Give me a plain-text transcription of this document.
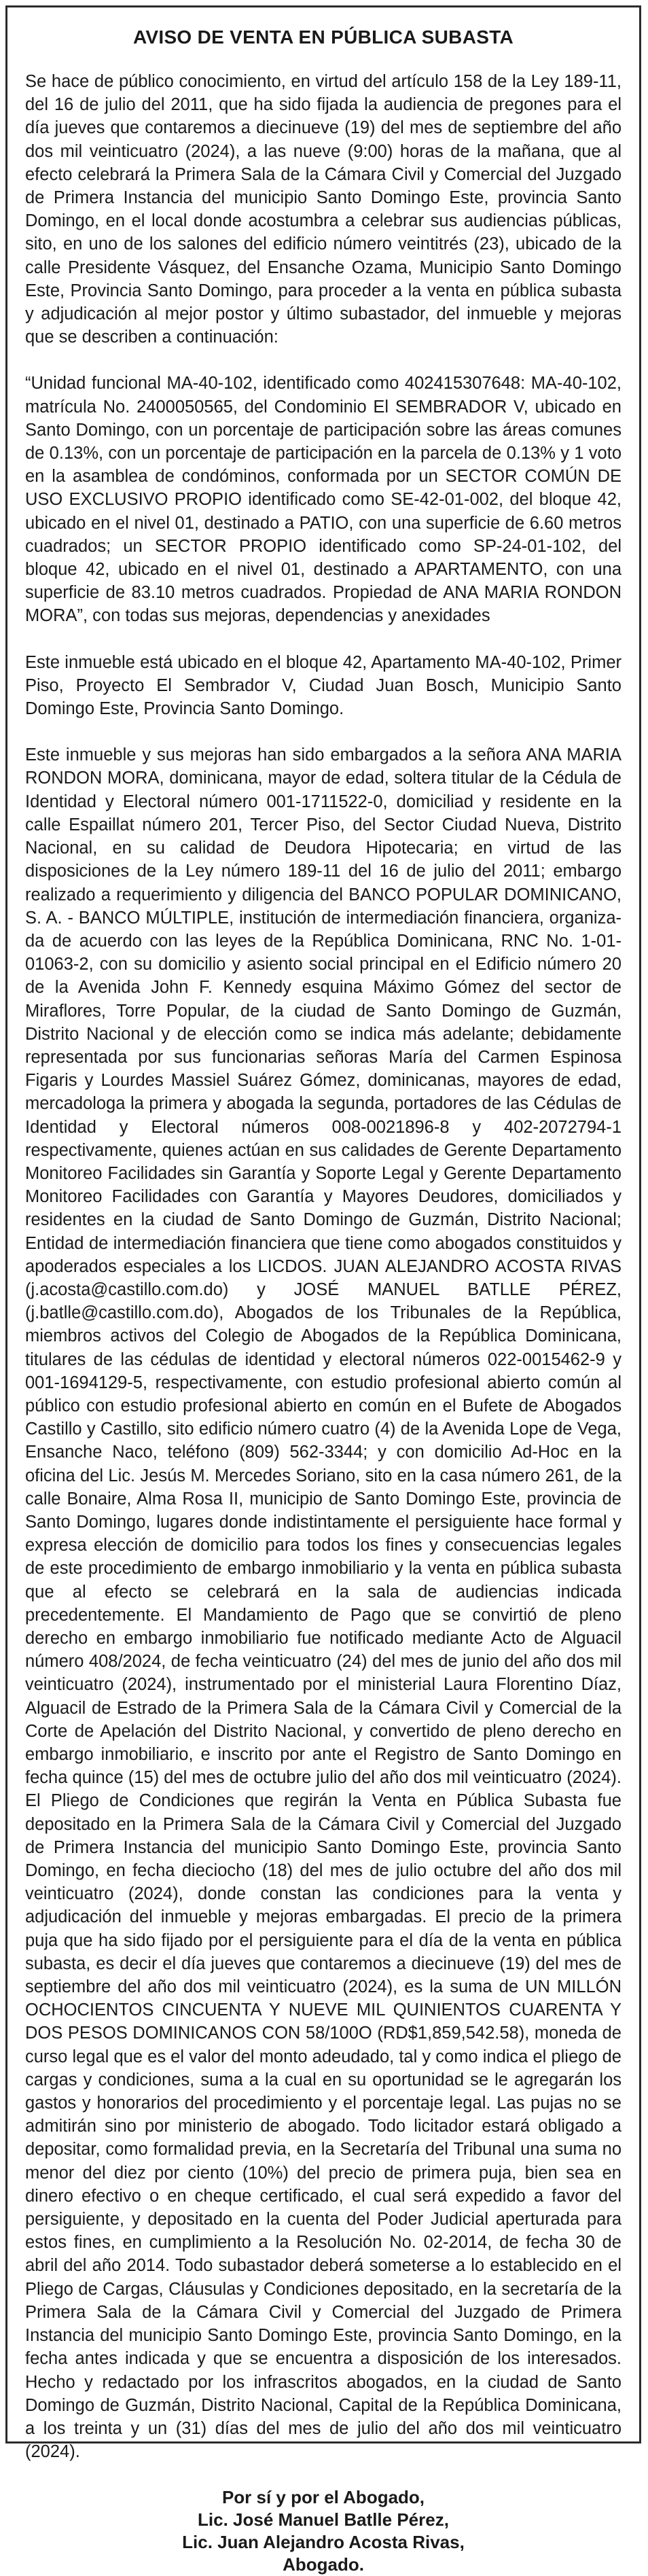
AVISO DE VENTA EN PÚBLICA SUBASTA

Se hace de público conocimiento, en virtud del artículo 158 de la Ley 189-11, del 16 de julio del 2011, que ha sido fijada la audiencia de pregones para el día jueves que contaremos a diecinueve (19) del mes de septiembre del año dos mil veinticuatro (2024), a las nueve (9:00) horas de la mañana, que al efecto celebrará la Primera Sala de la Cámara Civil y Comercial del Juzgado de Primera Instancia del municipio Santo Domingo Este, provincia Santo Domingo, en el local donde acostumbra a celebrar sus audiencias públicas, sito, en uno de los salones del edificio número veintitrés (23), ubicado de la calle Presidente Vásquez, del Ensanche Ozama, Municipio Santo Domingo Este, Provincia Santo Domingo, para proceder a la venta en pública subasta y adjudicación al mejor postor y último subastador, del inmueble y mejoras que se describen a continuación:

“Unidad funcional MA-40-102, identificado como 402415307648: MA-40-102, matrícula No. 2400050565, del Condominio El SEMBRADOR V, ubicado en Santo Domingo, con un porcentaje de participación sobre las áreas comunes de 0.13%, con un porcentaje de participación en la parcela de 0.13% y 1 voto en la asamblea de condóminos, conformada por un SECTOR COMÚN DE USO EXCLUSIVO PROPIO identificado como SE-42-01-002, del bloque 42, ubicado en el nivel 01, destinado a PATIO, con una superficie de 6.60 metros cuadrados; un SECTOR PROPIO identificado como SP-24-01-102, del bloque 42, ubicado en el nivel 01, destinado a APARTAMENTO, con una superficie de 83.10 metros cuadrados. Propiedad de ANA MARIA RONDON MORA”, con todas sus mejoras, dependencias y anexidades

Este inmueble está ubicado en el bloque 42, Apartamento MA-40-102, Primer Piso, Proyecto El Sembrador V, Ciudad Juan Bosch, Municipio Santo Domingo Este, Provincia Santo Domingo.

Este inmueble y sus mejoras han sido embargados a la señora ANA MARIA RONDON MORA, dominicana, mayor de edad, soltera titular de la Cédula de Identidad y Electoral número 001-1711522-0, domiciliad y residente en la calle Espaillat número 201, Tercer Piso, del Sector Ciudad Nueva, Distrito Nacional, en su calidad de Deudora Hipotecaria; en virtud de las disposiciones de la Ley número 189-11 del 16 de julio del 2011; embargo realizado a requerimiento y diligencia del BANCO POPULAR DOMINICANO, S. A. - BANCO MÚLTIPLE, institución de intermediación financiera, organizada de acuerdo con las leyes de la República Dominicana, RNC No. 1-01-01063-2, con su domicilio y asiento social principal en el Edificio número 20 de la Avenida John F. Kennedy esquina Máximo Gómez del sector de Miraflores, Torre Popular, de la ciudad de Santo Domingo de Guzmán, Distrito Nacional y de elección como se indica más adelante; debidamente representada por sus funcionarias señoras María del Carmen Espinosa Figaris y Lourdes Massiel Suárez Gómez, dominicanas, mayores de edad, mercadologa la primera y abogada la segunda, portadores de las Cédulas de Identidad y Electoral números 008-0021896-8 y 402-2072794-1 respectivamente, quienes actúan en sus calidades de Gerente Departamento Monitoreo Facilidades sin Garantía y Soporte Legal y Gerente Departamento Monitoreo Facilidades con Garantía y Mayores Deudores, domiciliados y residentes en la ciudad de Santo Domingo de Guzmán, Distrito Nacional; Entidad de intermediación financiera que tiene como abogados constituidos y apoderados especiales a los LICDOS. JUAN ALEJANDRO ACOSTA RIVAS (j.acosta@castillo.com.do) y JOSÉ MANUEL BATLLE PÉREZ, (j.batlle@castillo.com.do), Abogados de los Tribunales de la República, miembros activos del Colegio de Abogados de la República Dominicana, titulares de las cédulas de identidad y electoral números 022-0015462-9 y 001-1694129-5, respectivamente, con estudio profesional abierto común al público con estudio profesional abierto en común en el Bufete de Abogados Castillo y Castillo, sito edificio número cuatro (4) de la Avenida Lope de Vega, Ensanche Naco, teléfono (809) 562-3344; y con domicilio Ad-Hoc en la oficina del Lic. Jesús M. Mercedes Soriano, sito en la casa número 261, de la calle Bonaire, Alma Rosa II, municipio de Santo Domingo Este, provincia de Santo Domingo, lugares donde indistintamente el persiguiente hace formal y expresa elección de domicilio para todos los fines y consecuencias legales de este procedimiento de embargo inmobiliario y la venta en pública subasta que al efecto se celebrará en la sala de audiencias indicada precedentemente. El Mandamiento de Pago que se convirtió de pleno derecho en embargo inmobiliario fue notificado mediante Acto de Alguacil número 408/2024, de fecha veinticuatro (24) del mes de junio del año dos mil veinticuatro (2024), instrumentado por el ministerial Laura Florentino Díaz, Alguacil de Estrado de la Primera Sala de la Cámara Civil y Comercial de la Corte de Apelación del Distrito Nacional, y convertido de pleno derecho en embargo inmobiliario, e inscrito por ante el Registro de Santo Domingo en fecha quince (15) del mes de octubre julio del año dos mil veinticuatro (2024). El Pliego de Condiciones que regirán la Venta en Pública Subasta fue depositado en la Primera Sala de la Cámara Civil y Comercial del Juzgado de Primera Instancia del municipio Santo Domingo Este, provincia Santo Domingo, en fecha dieciocho (18) del mes de julio octubre del año dos mil veinticuatro (2024), donde constan las condiciones para la venta y adjudicación del inmueble y mejoras embargadas. El precio de la primera puja que ha sido fijado por el persiguiente para el día de la venta en pública subasta, es decir el día jueves que contaremos a diecinueve (19) del mes de septiembre del año dos mil veinticuatro (2024), es la suma de UN MILLÓN OCHOCIENTOS CINCUENTA Y NUEVE MIL QUINIENTOS CUARENTA Y DOS PESOS DOMINICANOS CON 58/100O (RD$1,859,542.58), moneda de curso legal que es el valor del monto adeudado, tal y como indica el pliego de cargas y condiciones, suma a la cual en su oportunidad se le agregarán los gastos y honorarios del procedimiento y el porcentaje legal. Las pujas no se admitirán sino por ministerio de abogado. Todo licitador estará obligado a depositar, como formalidad previa, en la Secretaría del Tribunal una suma no menor del diez por ciento (10%) del precio de primera puja, bien sea en dinero efectivo o en cheque certificado, el cual será expedido a favor del persiguiente, y depositado en la cuenta del Poder Judicial aperturada para estos fines, en cumplimiento a la Resolución No. 02-2014, de fecha 30 de abril del año 2014. Todo subastador deberá someterse a lo establecido en el Pliego de Cargas, Cláusulas y Condiciones depositado, en la secretaría de la Primera Sala de la Cámara Civil y Comercial del Juzgado de Primera Instancia del municipio Santo Domingo Este, provincia Santo Domingo, en la fecha antes indicada y que se encuentra a disposición de los interesados. Hecho y redactado por los infrascritos abogados, en la ciudad de Santo Domingo de Guzmán, Distrito Nacional, Capital de la República Dominicana, a los treinta y un (31) días del mes de julio del año dos mil veinticuatro (2024).

Por sí y por el Abogado,
Lic. José Manuel Batlle Pérez,
Lic. Juan Alejandro Acosta Rivas,
Abogado.
